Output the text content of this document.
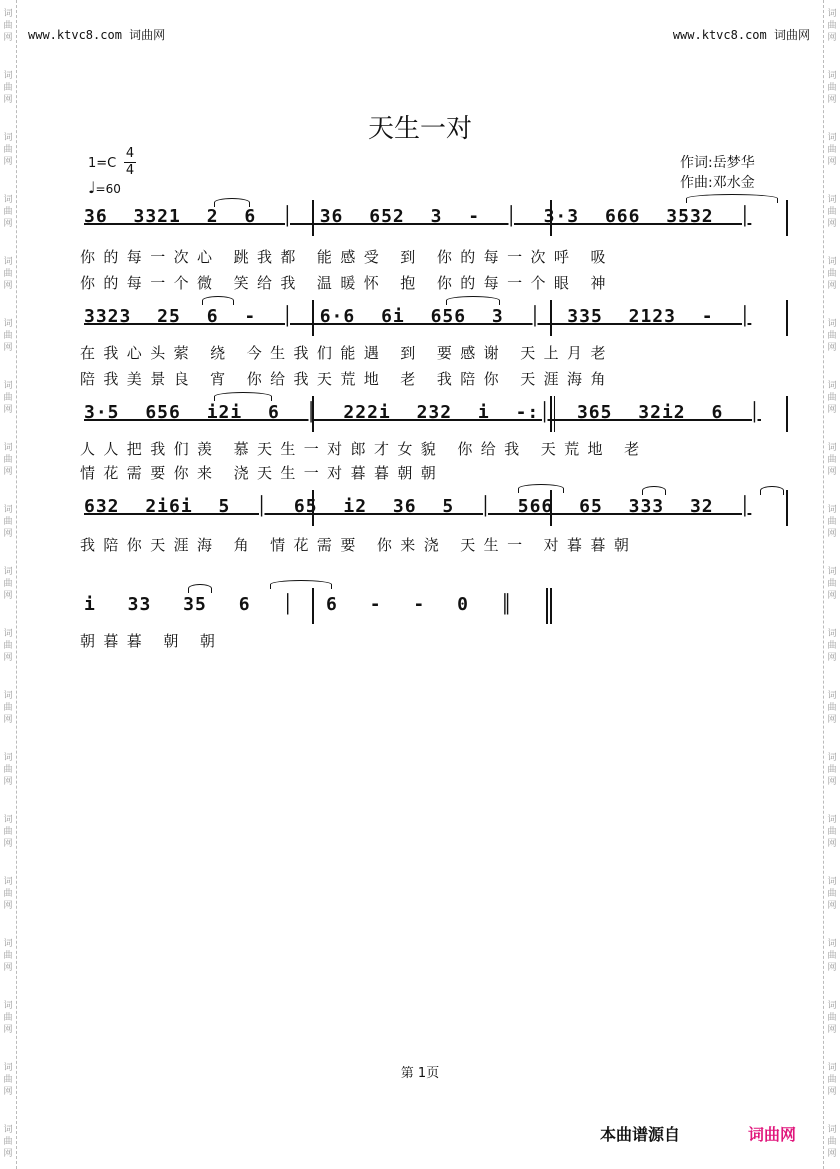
词
曲
网
词
曲
网
词
曲
网
词
曲
网
词
曲
网
词
曲
网
词
曲
网
词
曲
网
词
曲
网
词
曲
网
词
曲
网
词
曲
网
词
曲
网
词
曲
网
词
曲
网
词
曲
网
词
曲
网
词
曲
网
词
曲
网
词
曲
网
词
曲
网
词
曲
网
词
曲
网
词
曲
网
词
曲
网
词
曲
网
词
曲
网
词
曲
网
词
曲
网
词
曲
网
词
曲
网
词
曲
网
词
曲
网
词
曲
网
词
曲
网
词
曲
网
词
曲
网
词
曲
网
www.ktvc8.com 词曲网	www.ktvc8.com 词曲网
天生一对
1=C
4
4
♩=60
作词:岳梦华
作曲:邓水金
36 3321 2 6 │ 36 652 3 - │ 3·3 666 3532 │
你的每一次心 跳我都 能感受 到 你的每一次呼 吸
你的每一个微 笑给我 温暖怀 抱 你的每一个眼 神
3323 25 6 - │ 6·6 6i 656 3 │ 335 2123 - │
在我心头萦 绕 今生我们能遇 到 要感谢 天上月老
陪我美景良 宵 你给我天荒地 老 我陪你 天涯海角
3·5 656 i2i 6 │ 222i 232 i -:│ 365 32i2 6 │
人人把我们羡 慕天生一对郎才女貌 你给我 天荒地 老
情花需要你来 浇天生一对暮暮朝朝
632 2i6i 5 │ 65 i2 36 5 │ 566 65 333 32 │
我陪你天涯海 角 情花需要 你来浇 天生一 对暮暮朝
i 33 35 6 │ 6 - - 0 ║
朝暮暮 朝 朝
第 1页
本曲谱源自	词曲网
